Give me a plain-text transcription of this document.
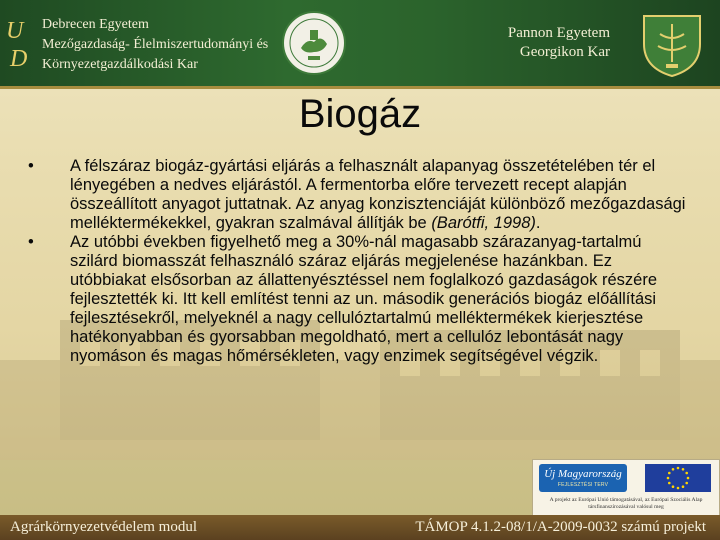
U
D
Debrecen Egyetem
Mezőgazdaság- Élelmiszertudományi és
Környezetgazdálkodási Kar
Pannon Egyetem
Georgikon Kar
Biogáz
• A félszáraz biogáz-gyártási eljárás a felhasznált alapanyag összetételében tér el lényegében a nedves eljárástól. A fermentorba előre tervezett recept alapján összeállított anyagot juttatnak. Az anyag konzisztenciáját különböző mezőgazdasági melléktermékekkel, gyakran szalmával állítják be (Barótfi, 1998).
• Az utóbbi években figyelhető meg a 30%-nál magasabb szárazanyag-tartalmú szilárd biomasszát felhasználó száraz eljárás megjelenése hazánkban. Ez utóbbiakat elsősorban az állattenyésztéssel nem foglalkozó gazdaságok részére fejlesztették ki. Itt kell említést tenni az un. második generációs biogáz előállítási fejlesztésekről, melyeknél a nagy cellulóztartalmú melléktermékek kierjesztése hatékonyabban és gyorsabban megoldható, mert a cellulóz lebontását nagy nyomáson és magas hőmérsékleten, vagy enzimek segítségével végzik.
Új Magyarország
FEJLESZTÉSI TERV
A projekt az Európai Unió támogatásával, az Európai Szociális Alap társfinanszírozásával valósul meg
Agrárkörnyezetvédelem modul	TÁMOP 4.1.2-08/1/A-2009-0032 számú projekt
